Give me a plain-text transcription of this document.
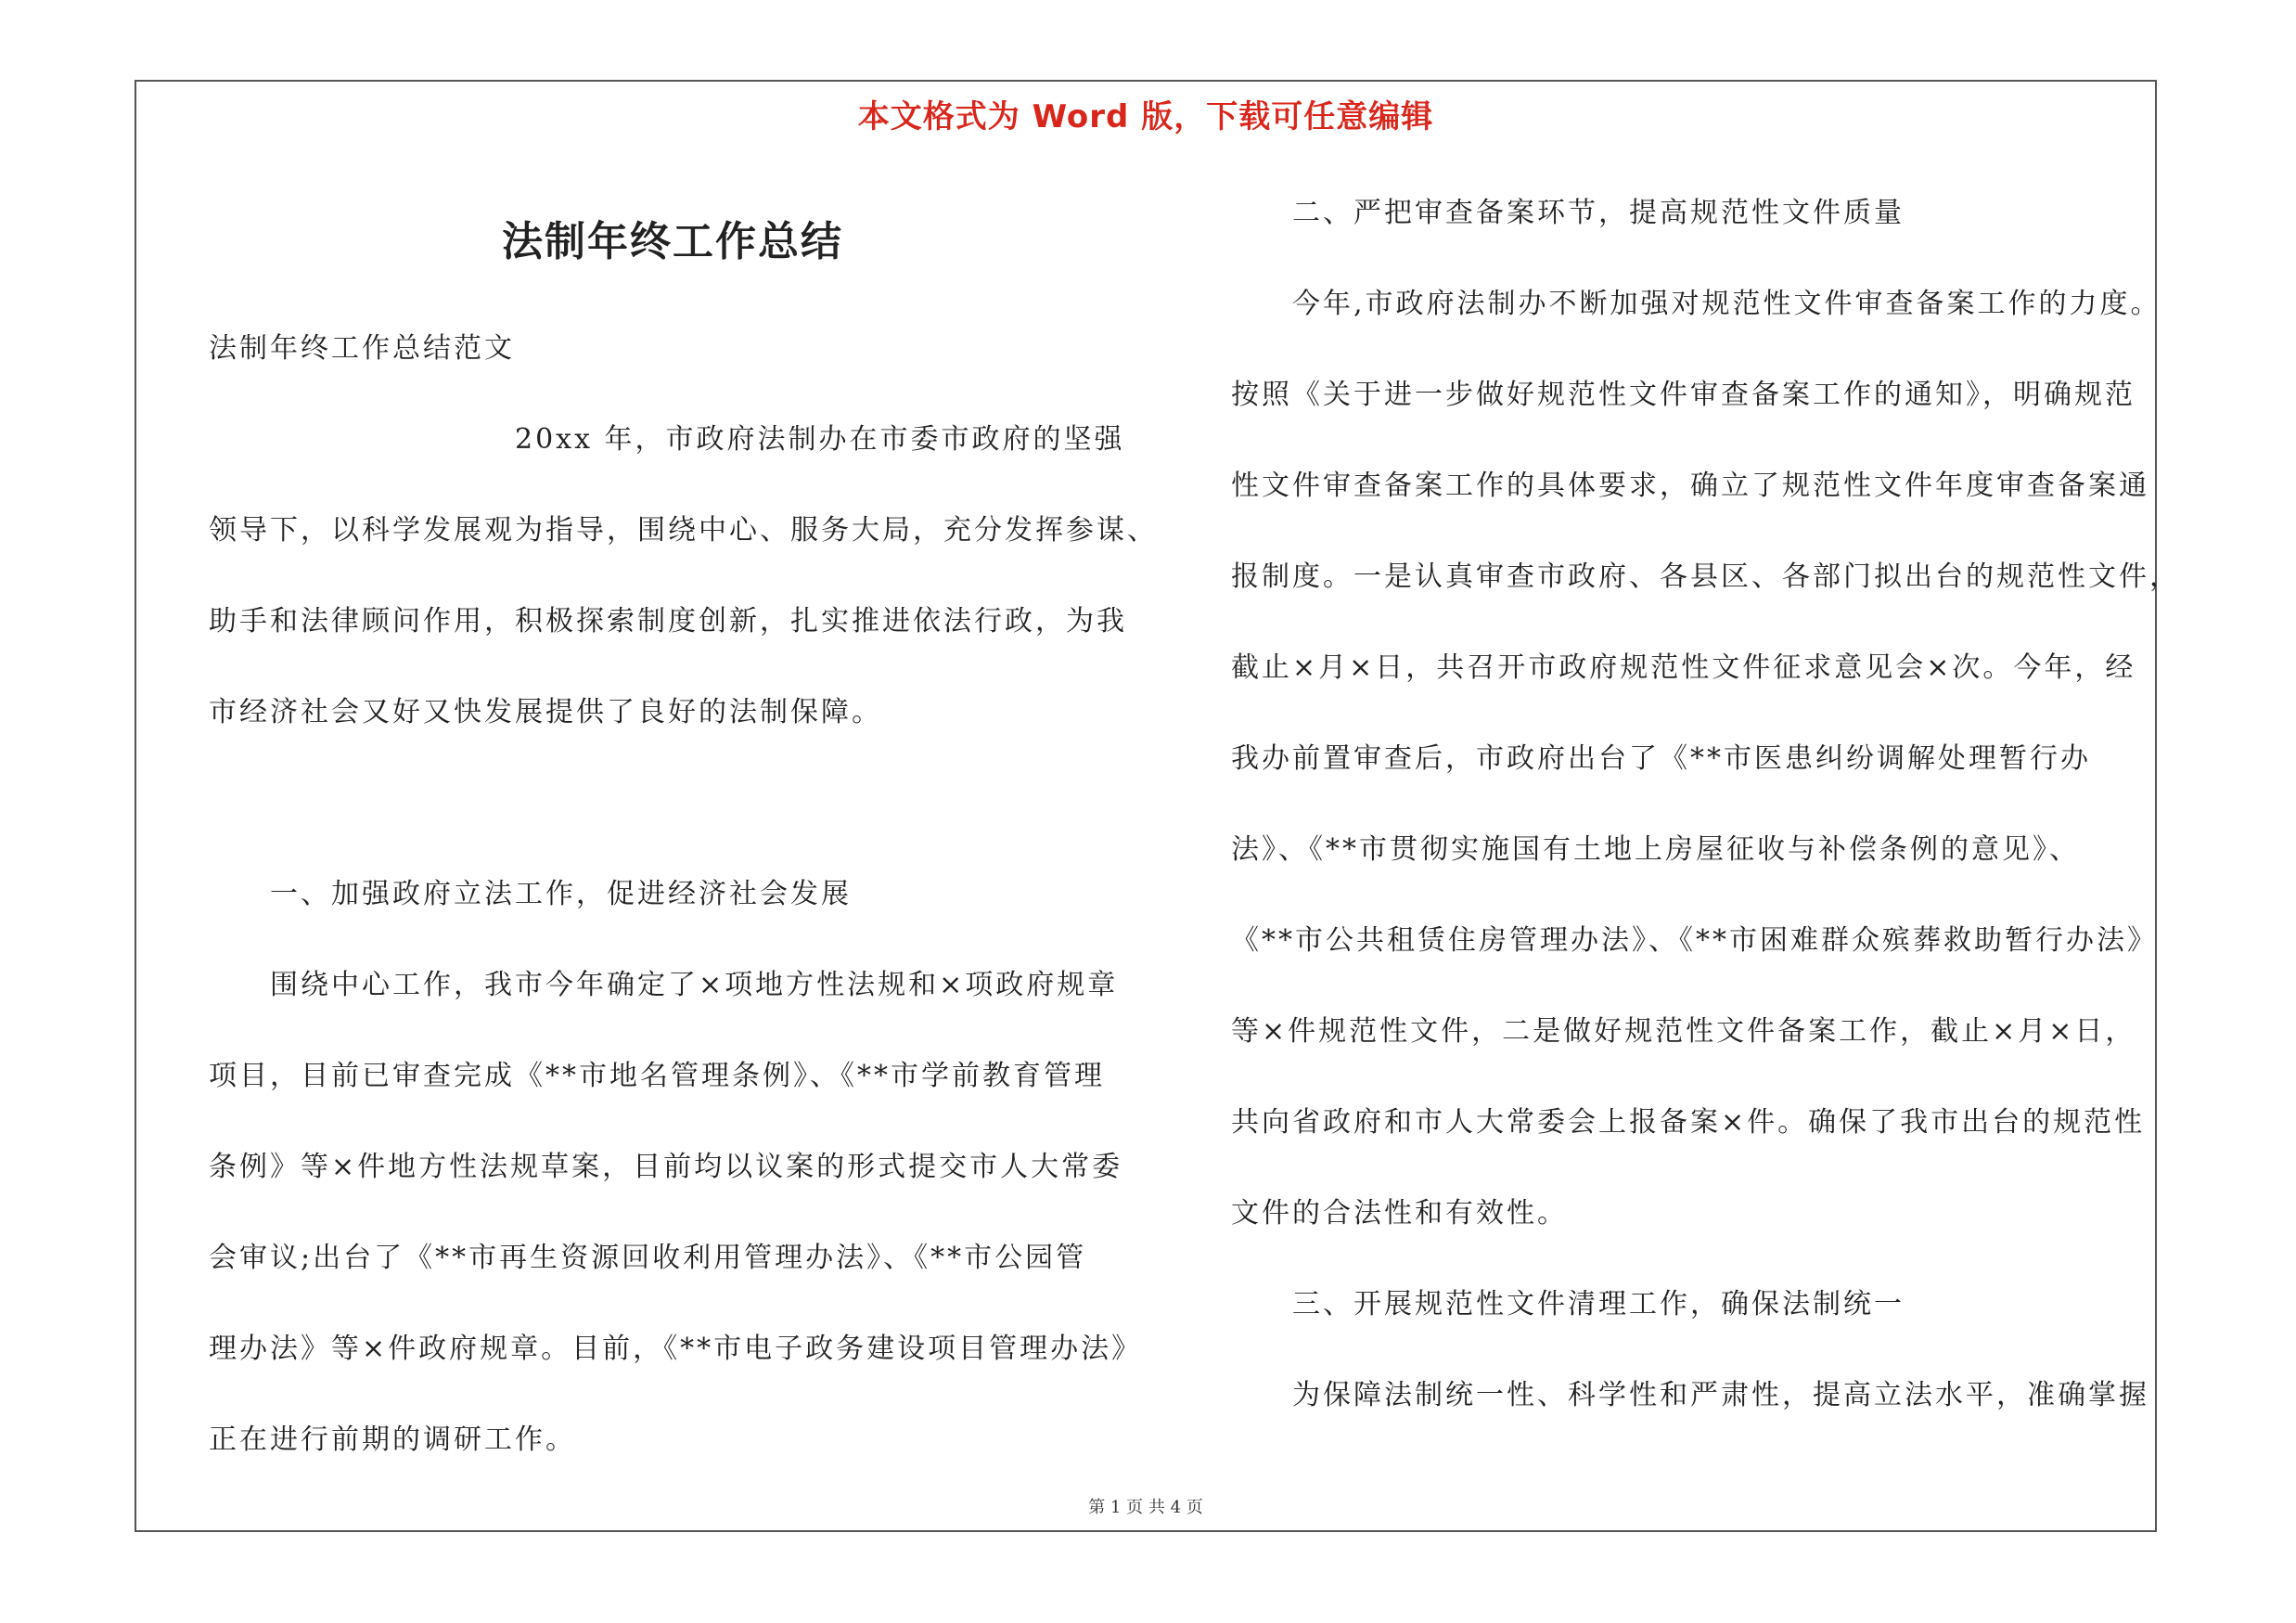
本文格式为 Word 版，下载可任意编辑
法制年终工作总结
法制年终工作总结范文
20xx 年，市政府法制办在市委市政府的坚强
领导下，以科学发展观为指导，围绕中心、服务大局，充分发挥参谋、
助手和法律顾问作用，积极探索制度创新，扎实推进依法行政，为我
市经济社会又好又快发展提供了良好的法制保障。
一、加强政府立法工作，促进经济社会发展
围绕中心工作，我市今年确定了×项地方性法规和×项政府规章
项目，目前已审查完成《**市地名管理条例》、《**市学前教育管理
条例》等×件地方性法规草案，目前均以议案的形式提交市人大常委
会审议;出台了《**市再生资源回收利用管理办法》、《**市公园管
理办法》等×件政府规章。目前，《**市电子政务建设项目管理办法》
正在进行前期的调研工作。
二、严把审查备案环节，提高规范性文件质量
今年,市政府法制办不断加强对规范性文件审查备案工作的力度。
按照《关于进一步做好规范性文件审查备案工作的通知》，明确规范
性文件审查备案工作的具体要求，确立了规范性文件年度审查备案通
报制度。一是认真审查市政府、各县区、各部门拟出台的规范性文件，
截止×月×日，共召开市政府规范性文件征求意见会×次。今年，经
我办前置审查后，市政府出台了《**市医患纠纷调解处理暂行办
法》、《**市贯彻实施国有土地上房屋征收与补偿条例的意见》、
《**市公共租赁住房管理办法》、《**市困难群众殡葬救助暂行办法》
等×件规范性文件，二是做好规范性文件备案工作，截止×月×日，
共向省政府和市人大常委会上报备案×件。确保了我市出台的规范性
文件的合法性和有效性。
三、开展规范性文件清理工作，确保法制统一
为保障法制统一性、科学性和严肃性，提高立法水平，准确掌握
第 1 页 共 4 页
